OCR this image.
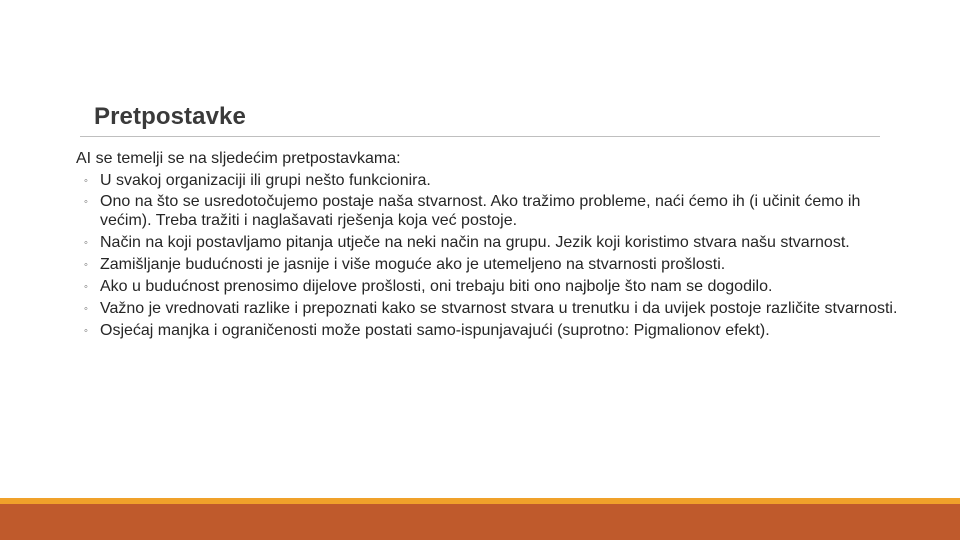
Pretpostavke

AI se temelji se na sljedećim pretpostavkama:

◦ U svakoj organizaciji ili grupi nešto funkcionira.
◦ Ono na što se usredotočujemo postaje naša stvarnost. Ako tražimo probleme, naći ćemo ih (i učinit ćemo ih većim). Treba tražiti i naglašavati rješenja koja već postoje.
◦ Način na koji postavljamo pitanja utječe na neki način na grupu. Jezik koji koristimo stvara našu stvarnost.
◦ Zamišljanje budućnosti je jasnije i više moguće ako je utemeljeno na stvarnosti prošlosti.
◦ Ako u budućnost prenosimo dijelove prošlosti, oni trebaju biti ono najbolje što nam se dogodilo.
◦ Važno je vrednovati razlike i prepoznati kako se stvarnost stvara u trenutku i da uvijek postoje različite stvarnosti.
◦ Osjećaj manjka i ograničenosti može postati samo-ispunjavajući (suprotno: Pigmalionov efekt).
